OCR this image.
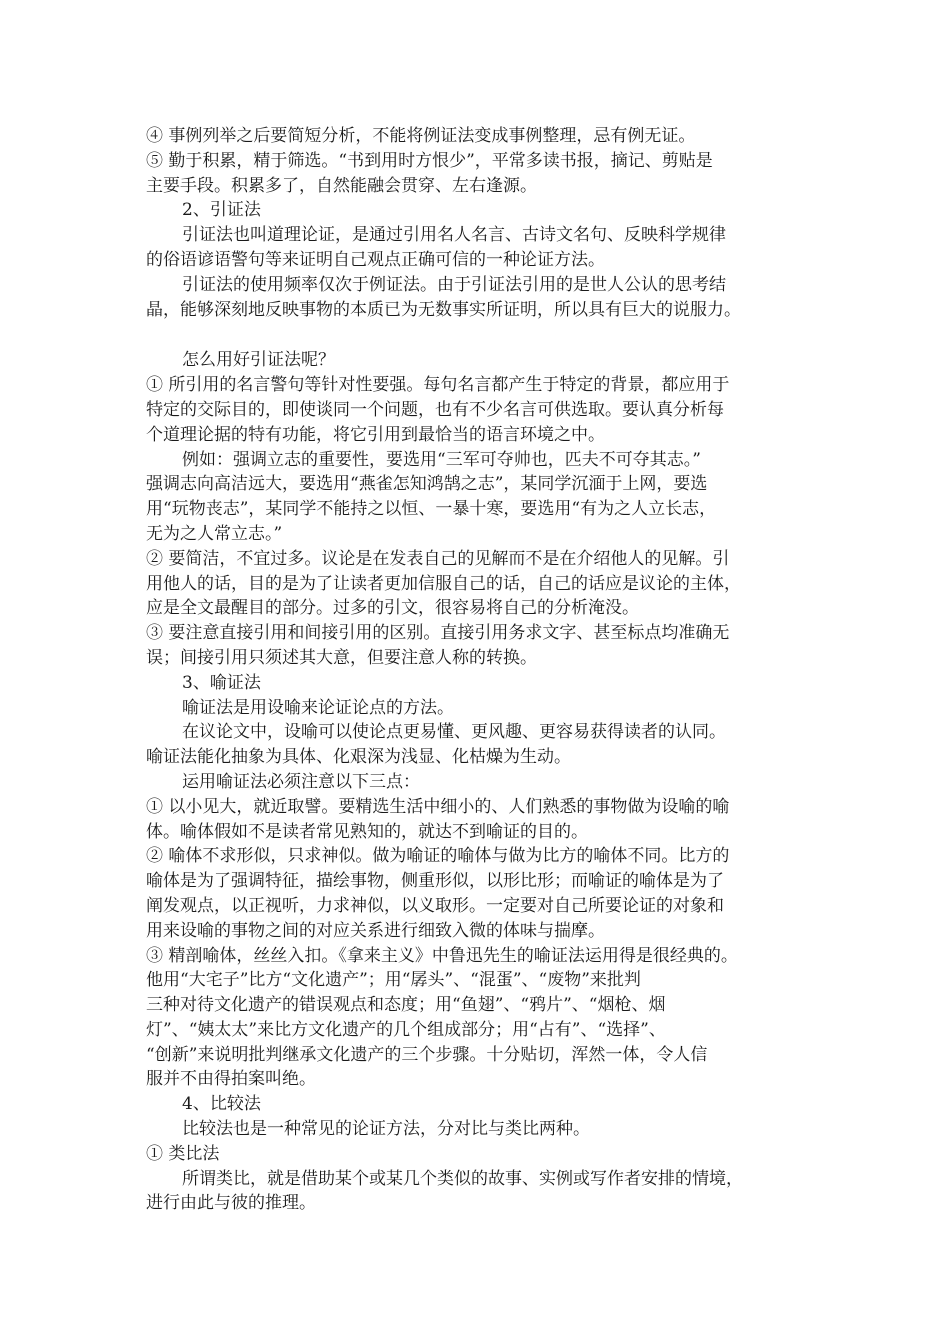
④ 事例列举之后要简短分析，不能将例证法变成事例整理，忌有例无证。
⑤ 勤于积累，精于筛选。“书到用时方恨少”，平常多读书报，摘记、剪贴是
主要手段。积累多了，自然能融会贯穿、左右逢源。
2、引证法
引证法也叫道理论证，是通过引用名人名言、古诗文名句、反映科学规律
的俗语谚语警句等来证明自己观点正确可信的一种论证方法。
引证法的使用频率仅次于例证法。由于引证法引用的是世人公认的思考结
晶，能够深刻地反映事物的本质已为无数事实所证明，所以具有巨大的说服力。
怎么用好引证法呢？
① 所引用的名言警句等针对性要强。每句名言都产生于特定的背景，都应用于
特定的交际目的，即使谈同一个问题，也有不少名言可供选取。要认真分析每
个道理论据的特有功能，将它引用到最恰当的语言环境之中。
例如：强调立志的重要性，要选用“三军可夺帅也，匹夫不可夺其志。”
强调志向高洁远大，要选用“燕雀怎知鸿鹄之志”，某同学沉湎于上网，要选
用“玩物丧志”，某同学不能持之以恒、一暴十寒，要选用“有为之人立长志，
无为之人常立志。”
② 要简洁，不宜过多。议论是在发表自己的见解而不是在介绍他人的见解。引
用他人的话，目的是为了让读者更加信服自己的话，自己的话应是议论的主体，
应是全文最醒目的部分。过多的引文，很容易将自己的分析淹没。
③ 要注意直接引用和间接引用的区别。直接引用务求文字、甚至标点均准确无
误；间接引用只须述其大意，但要注意人称的转换。
3、喻证法
喻证法是用设喻来论证论点的方法。
在议论文中，设喻可以使论点更易懂、更风趣、更容易获得读者的认同。
喻证法能化抽象为具体、化艰深为浅显、化枯燥为生动。
运用喻证法必须注意以下三点：
① 以小见大，就近取譬。要精选生活中细小的、人们熟悉的事物做为设喻的喻
体。喻体假如不是读者常见熟知的，就达不到喻证的目的。
② 喻体不求形似，只求神似。做为喻证的喻体与做为比方的喻体不同。比方的
喻体是为了强调特征，描绘事物，侧重形似，以形比形；而喻证的喻体是为了
阐发观点，以正视听，力求神似，以义取形。一定要对自己所要论证的对象和
用来设喻的事物之间的对应关系进行细致入微的体味与揣摩。
③ 精剖喻体，丝丝入扣。《拿来主义》中鲁迅先生的喻证法运用得是很经典的。
他用“大宅子”比方“文化遗产”；用“孱头”、“混蛋”、“废物”来批判
三种对待文化遗产的错误观点和态度；用“鱼翅”、“鸦片”、“烟枪、烟
灯”、“姨太太”来比方文化遗产的几个组成部分；用“占有”、“选择”、
“创新”来说明批判继承文化遗产的三个步骤。十分贴切，浑然一体，令人信
服并不由得拍案叫绝。
4、比较法
比较法也是一种常见的论证方法，分对比与类比两种。
① 类比法
所谓类比，就是借助某个或某几个类似的故事、实例或写作者安排的情境，
进行由此与彼的推理。
